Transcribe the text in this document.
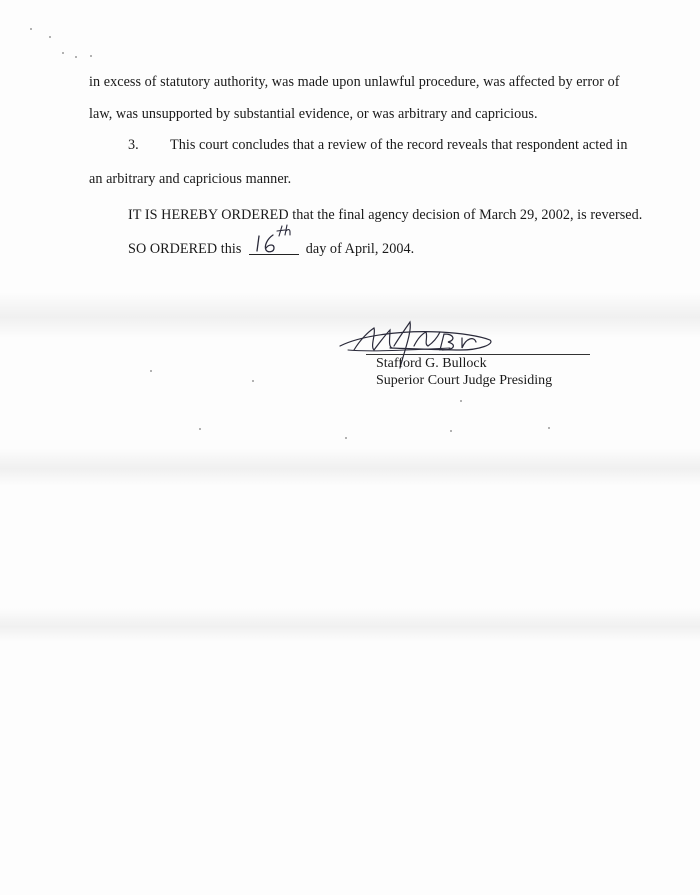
in excess of statutory authority, was made upon unlawful procedure, was affected by error of
law, was unsupported by substantial evidence, or was arbitrary and capricious.
3. This court concludes that a review of the record reveals that respondent acted in
an arbitrary and capricious manner.
IT IS HEREBY ORDERED that the final agency decision of March 29, 2002, is reversed.
SO ORDERED this	day of April, 2004.
Stafford G. Bullock
Superior Court Judge Presiding
